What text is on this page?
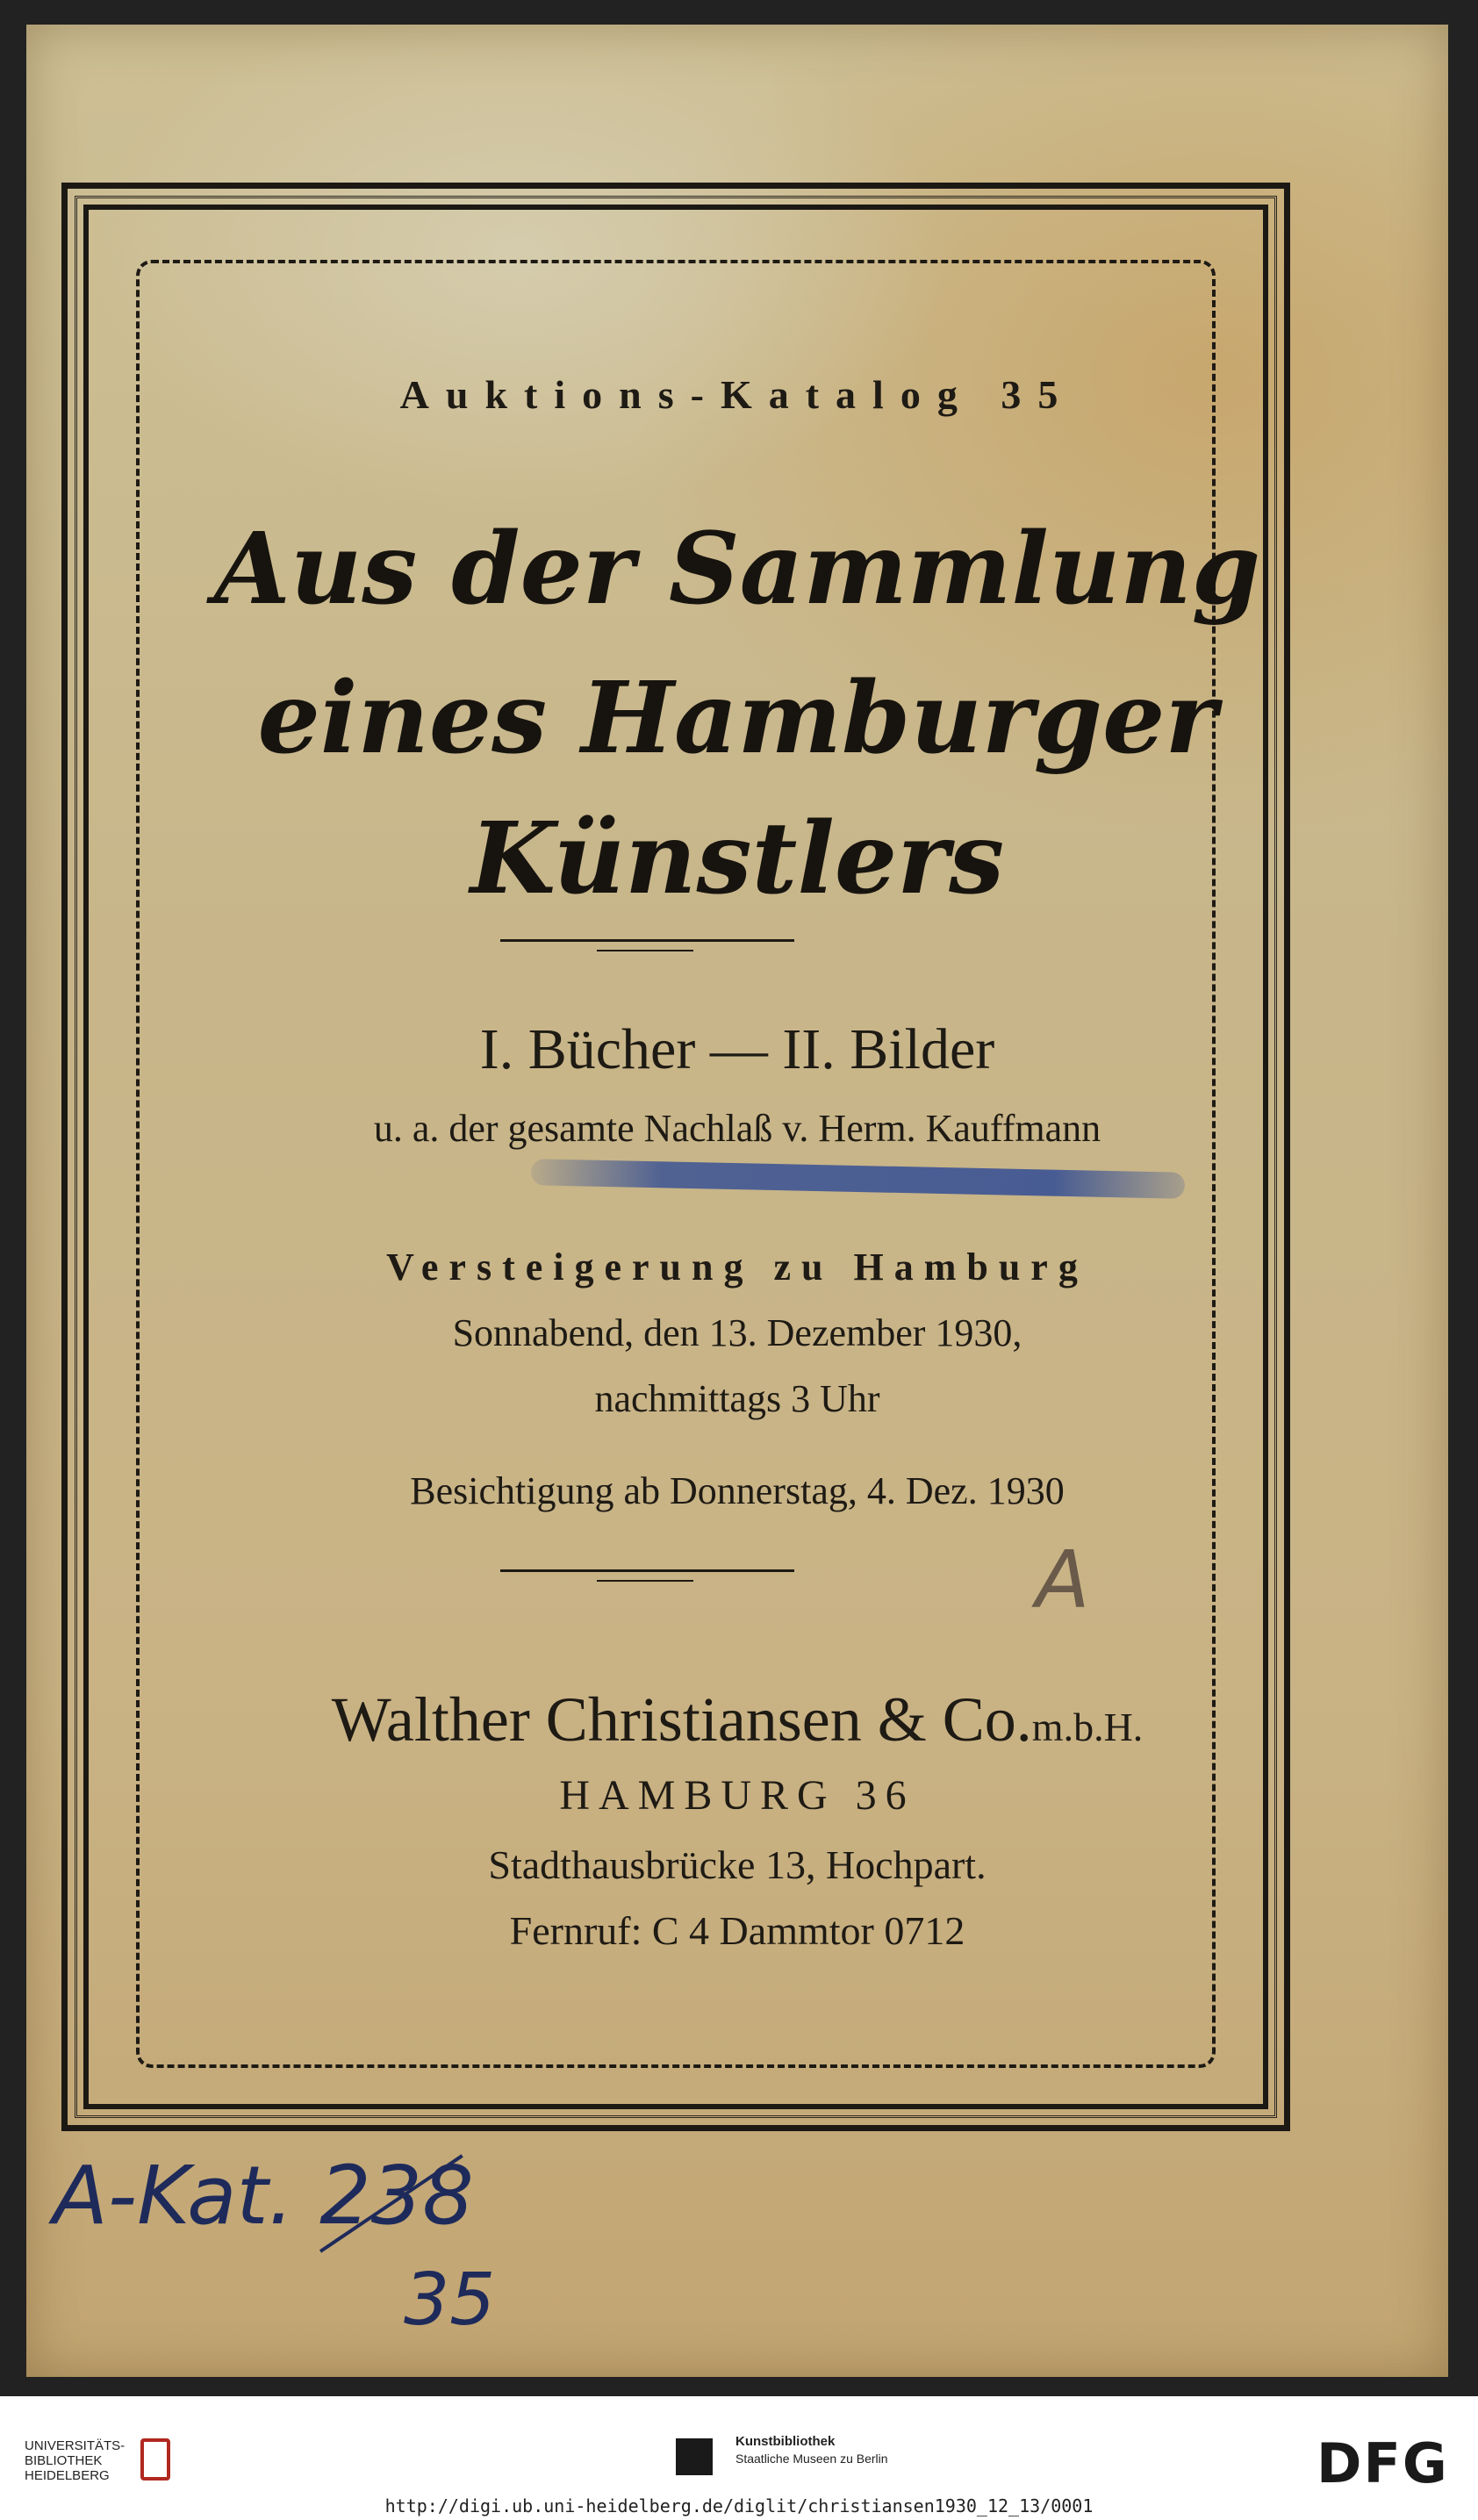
Auktions-Katalog 35
Aus der Sammlung
eines Hamburger
Künstlers
I. Bücher — II. Bilder
u. a. der gesamte Nachlaß v. Herm. Kauffmann
Versteigerung zu Hamburg
Sonnabend, den 13. Dezember 1930,
nachmittags 3 Uhr
Besichtigung ab Donnerstag, 4. Dez. 1930
A
Walther Christiansen & Co.m.b.H.
HAMBURG 36
Stadthausbrücke 13, Hochpart.
Fernruf: C 4 Dammtor 0712
A-Kat. 238
35
UNIVERSITÄTS-
BIBLIOTHEK
HEIDELBERG
Kunstbibliothek
Staatliche Museen zu Berlin	DFG
http://digi.ub.uni-heidelberg.de/diglit/christiansen1930_12_13/0001
